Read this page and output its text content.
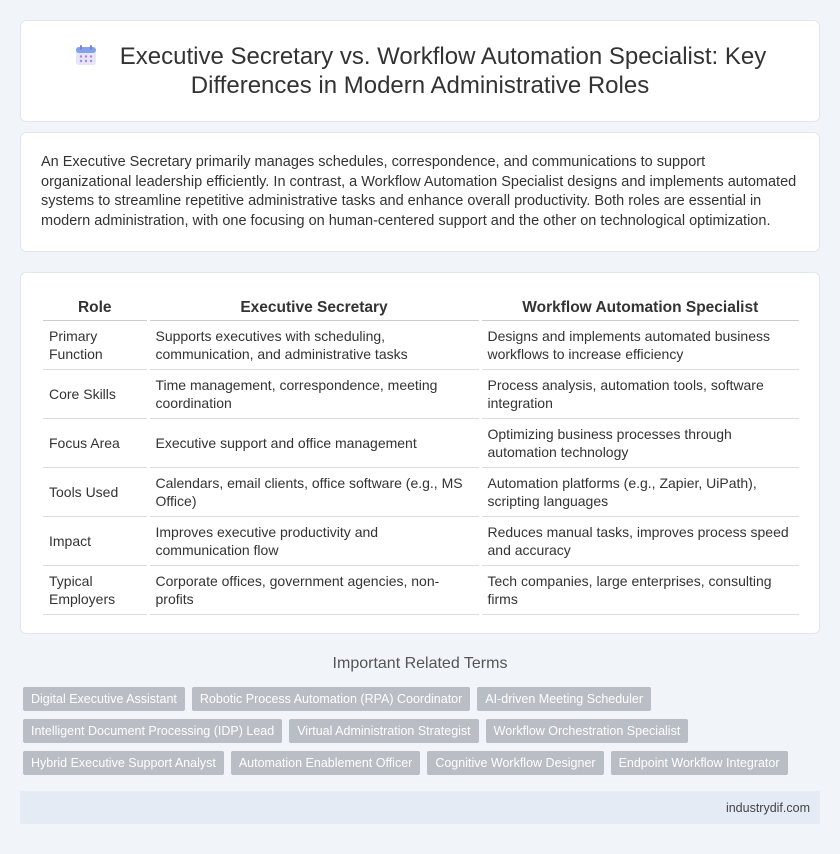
Executive Secretary vs. Workflow Automation Specialist: Key Differences in Modern Administrative Roles

An Executive Secretary primarily manages schedules, correspondence, and communications to support organizational leadership efficiently. In contrast, a Workflow Automation Specialist designs and implements automated systems to streamline repetitive administrative tasks and enhance overall productivity. Both roles are essential in modern administration, with one focusing on human-centered support and the other on technological optimization.

Role	Executive Secretary	Workflow Automation Specialist
Primary Function	Supports executives with scheduling, communication, and administrative tasks	Designs and implements automated business workflows to increase efficiency
Core Skills	Time management, correspondence, meeting coordination	Process analysis, automation tools, software integration
Focus Area	Executive support and office management	Optimizing business processes through automation technology
Tools Used	Calendars, email clients, office software (e.g., MS Office)	Automation platforms (e.g., Zapier, UiPath), scripting languages
Impact	Improves executive productivity and communication flow	Reduces manual tasks, improves process speed and accuracy
Typical Employers	Corporate offices, government agencies, non-profits	Tech companies, large enterprises, consulting firms
Important Related Terms
Digital Executive Assistant	Robotic Process Automation (RPA) Coordinator	AI-driven Meeting Scheduler
Intelligent Document Processing (IDP) Lead	Virtual Administration Strategist	Workflow Orchestration Specialist
Hybrid Executive Support Analyst	Automation Enablement Officer	Cognitive Workflow Designer	Endpoint Workflow Integrator
industrydif.com
